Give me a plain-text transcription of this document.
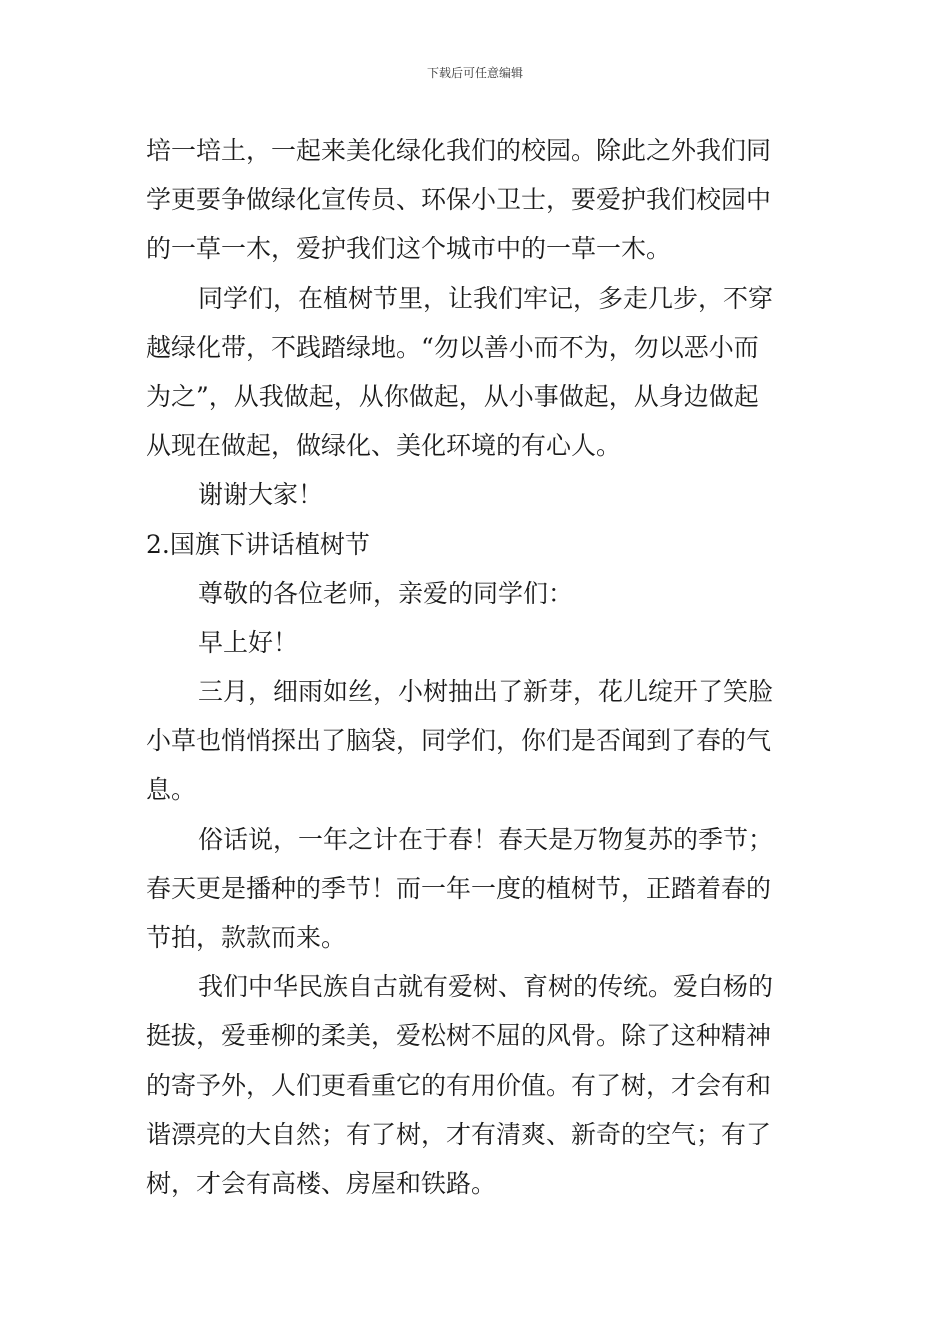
下载后可任意编辑
培一培土，一起来美化绿化我们的校园。除此之外我们同
学更要争做绿化宣传员、环保小卫士，要爱护我们校园中
的一草一木，爱护我们这个城市中的一草一木。
同学们，在植树节里，让我们牢记，多走几步，不穿
越绿化带，不践踏绿地。“勿以善小而不为，勿以恶小而
为之”，从我做起，从你做起，从小事做起，从身边做起
从现在做起，做绿化、美化环境的有心人。
谢谢大家！
2.国旗下讲话植树节
尊敬的各位老师，亲爱的同学们：
早上好！
三月，细雨如丝，小树抽出了新芽，花儿绽开了笑脸
小草也悄悄探出了脑袋，同学们，你们是否闻到了春的气
息。
俗话说，一年之计在于春！春天是万物复苏的季节；
春天更是播种的季节！而一年一度的植树节，正踏着春的
节拍，款款而来。
我们中华民族自古就有爱树、育树的传统。爱白杨的
挺拔，爱垂柳的柔美，爱松树不屈的风骨。除了这种精神
的寄予外，人们更看重它的有用价值。有了树，才会有和
谐漂亮的大自然；有了树，才有清爽、新奇的空气；有了
树，才会有高楼、房屋和铁路。
